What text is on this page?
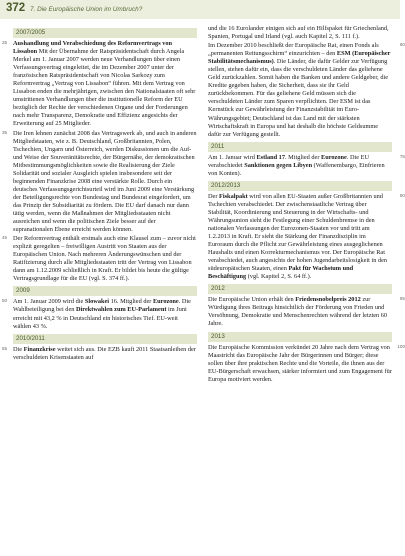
372 7. Die Europäische Union im Umbruch?
2007/2005
25 Aushandlung und Verabschiedung des Reformvertrags von Lissabon Mit der Übernahme der Ratspräsidentschaft durch Angela Merkel am 1. Januar 2007 werden neue Verhandlungen über einen Verfassungsvertrag eingeleitet, die im Dezember 2007 unter der französischen Ratspräsidentschaft von Nicolas Sarkozy zum Reformvertrag „Vertrag von Lissabon“ führen. Mit dem Vertrag von Lissabon enden die mehrjährigen, zwischen den Nationalstaaten oft sehr umstrittenen Verhandlungen über die institutionelle Reform der EU bezüglich der Rechte der verschiedenen Organe und der Forderungen nach mehr Transparenz, Demokratie und Effizienz angesichts der Erweiterung auf 25 Mitglieder.
35 Die Iren lehnen zunächst 2008 das Vertragswerk ab, und auch in anderen Mitgliedstaaten, wie z. B. Deutschland, Großbritannien, Polen, Tschechien, Ungarn und Österreich, werden Diskussionen um die Auf- und Weise der Souveränitätsrechte, der Bürgernähe, der demokratischen Mitbestimmungsmöglichkeiten sowie die Realisierung der Ziele Solidarität und sozialer Ausgleich spielen insbesondere seit der beginnenden Finanzkrise 2008 eine verstärkte Rolle. Durch ein deutsches Verfassungsgerichtsurteil wird im Juni 2009 eine Verstärkung der Beteiligungsrechte von Bundestag und Bundesrat eingefordert, um das Prinzip der Subsidiarität zu fördern. Die EU darf danach nur dann tätig werden, wenn die Maßnahmen der Mitgliedsstaaten nicht ausreichen und wenn die politischen Ziele besser auf der supranationalen Ebene erreicht werden können.
45 Der Reformvertrag enthält erstmals auch eine Klausel zum – zuvor nicht explizit geregelten – freiwilligen Austritt von Staaten aus der Europäischen Union. Nach mehreren Änderungswünschen und der Ratifizierung durch alle Mitgliedsstaaten tritt der Vertrag von Lissabon dann am 1.12.2009 schließlich in Kraft. Er bildet bis heute die gültige Vertragsgrundlage für die EU (vgl. S. 374 ff.).
2009
50 Am 1. Januar 2009 wird die Slowakei 16. Mitglied der Eurozone. Die Wahlbeteiligung bei den Direktwahlen zum EU-Parlament im Juni erreicht mit 43,2 % in Deutschland ein historisches Tief. EU-weit wählen 43 %.
2010/2011
55 Die Finanzkrise weitet sich aus. Die EZB kauft 2011 Staatsanleihen der verschuldeten Krisenstaaten auf
und die 16 Eurolander einigen sich auf ein Hilfspaket für Griechenland, Spanien, Portugal und Irland (vgl. auch Kapitel 2, S. 111 f.).
60
Im Dezember 2010 beschließt der Europäische Rat, einen Fonds als „permanenten Rettungsschirm“ einzurichten – den ESM (Europäischer Stabilitätsmechanismus). Die Länder, die dafür Gelder zur Verfügung stellen, stehen dafür ein, dass die verschuldeten Länder das geliehene Geld zurückzahlen. Somit haben die Banken und andere Geldgeber, die Kredite gegeben haben, die Sicherheit, dass sie ihr Geld zurückbekommen. Für das geliehene Geld müssen sich die verschuldeten Länder zum Sparen verpflichten. Der ESM ist das Kernstück zur Gewährleistung der Finanzstabilität im Euro-Währungsgebiet; Deutschland ist das Land mit der stärksten Wirtschaftskraft in Europa und hat deshalb die höchste Geldsumme dafür zur Verfügung gestellt.
2011
75
Am 1. Januar wird Estland 17. Mitglied der Eurozone. Die EU verabschiedet Sanktionen gegen Libyen (Waffenembargo, Einfrieren von Konten).
2012/2013
80
Der Fiskalpakt wird von allen EU-Staaten außer Großbritannien und Tschechien verabschiedet. Der zwischenstaatliche Vertrag über Stabilität, Koordinierung und Steuerung in der Wirtschafts- und Währungsunion sieht die Festlegung einer Schuldenbremse in den nationalen Verfassungen der Eurozonen-Staaten vor und tritt am 1.2.2013 in Kraft. Er sieht die Stärkung der Finanzdisziplin im Euroraum durch die Pflicht zur Gewährleistung eines ausgeglichenen Haushalts und einen Korrekturmechanismus vor. Der Europäische Rat verabschiedet, auch angesichts der hohen Jugendarbeitslosigkeit in den südeuropäischen Staaten, einen Pakt für Wachstum und Beschäftigung (vgl. Kapitel 2, S. 64 ff.).
2012
95
Die Europäische Union erhält den Friedensnobelpreis 2012 zur Würdigung ihres Beitrags hinsichtlich der Förderung von Frieden und Versöhnung, Demokratie und Menschenrechten während der letzten 60 Jahre.
2013
100
Die Europäische Kommission verkündet 20 Jahre nach dem Vertrag von Maastricht das Europäische Jahr der Bürgerinnen und Bürger; diese sollen über ihre praktischen Rechte und die Vorteile, die ihnen aus der EU-Bürgerschaft erwachsen, stärker informiert und zum Engagement für Europa motiviert werden.
